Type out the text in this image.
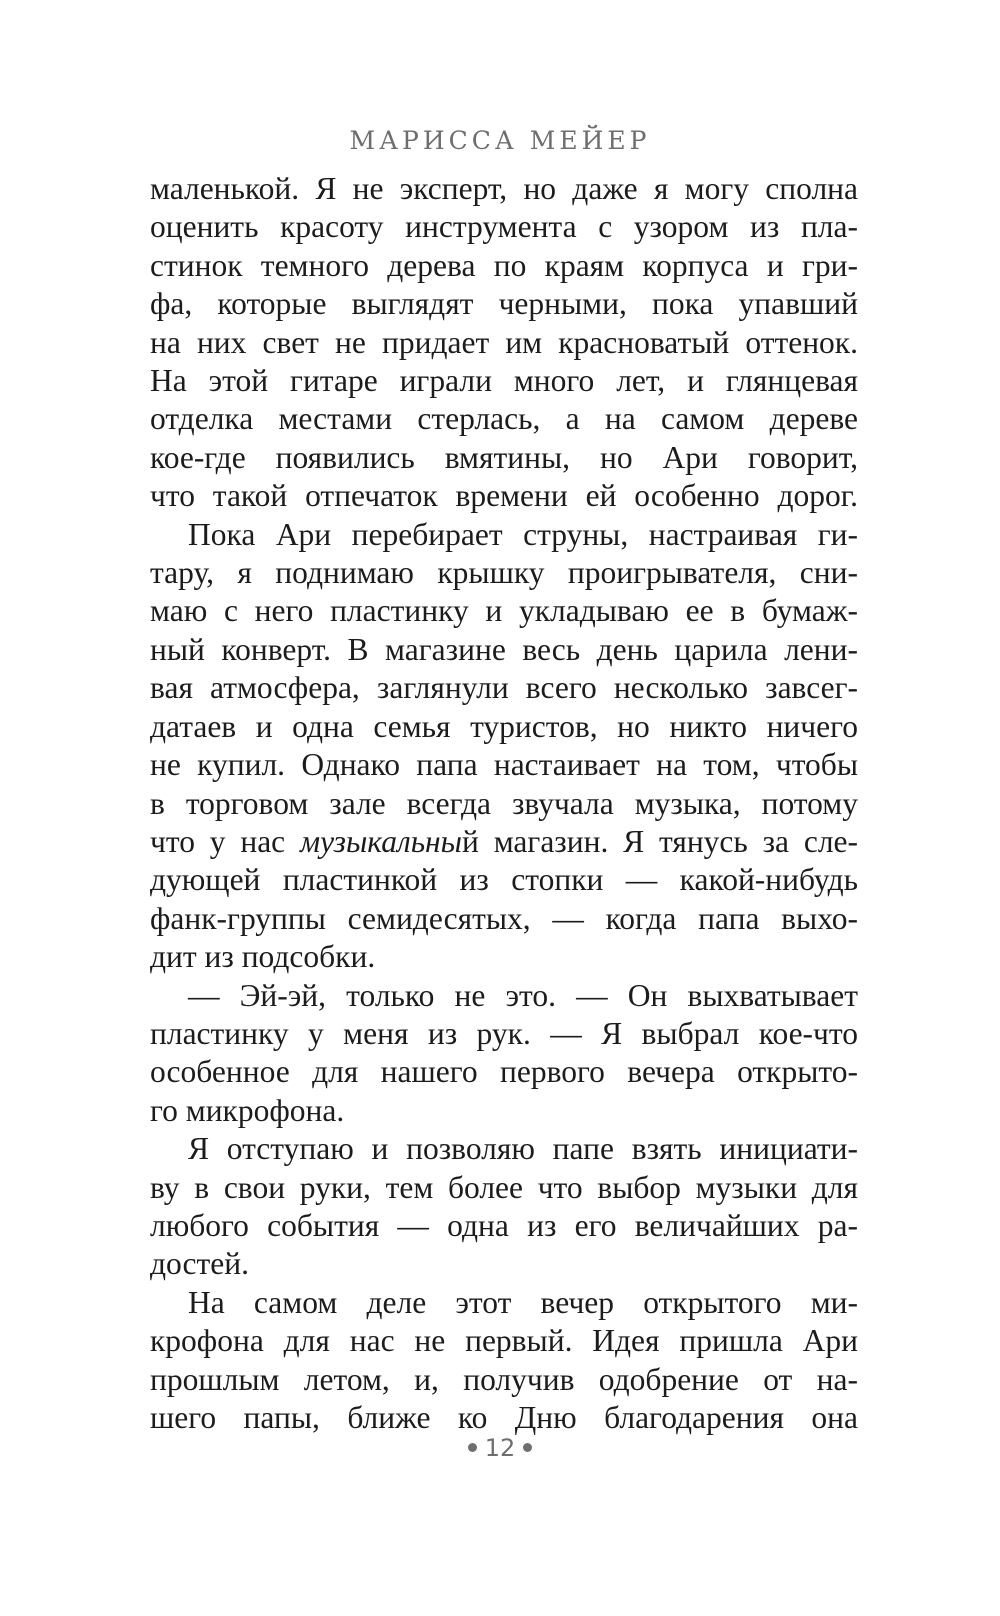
МАРИССА МЕЙЕР

маленькой. Я не эксперт, но даже я могу сполна

оценить красоту инструмента с узором из пла-

стинок темного дерева по краям корпуса и гри-

фа, которые выглядят черными, пока упавший

на них свет не придает им красноватый оттенок.

На этой гитаре играли много лет, и глянцевая

отделка местами стерлась, а на самом дереве

кое-где появились вмятины, но Ари говорит,

что такой отпечаток времени ей особенно дорог.

Пока Ари перебирает струны, настраивая ги-

тару, я поднимаю крышку проигрывателя, сни-

маю с него пластинку и укладываю ее в бумаж-

ный конверт. В магазине весь день царила лени-

вая атмосфера, заглянули всего несколько завсег-

датаев и одна семья туристов, но никто ничего

не купил. Однако папа настаивает на том, чтобы

в торговом зале всегда звучала музыка, потому

что у нас музыкальный магазин. Я тянусь за сле-

дующей пластинкой из стопки — какой-нибудь

фанк-группы семидесятых, — когда папа выхо-

дит из подсобки.

— Эй-эй, только не это. — Он выхватывает

пластинку у меня из рук. — Я выбрал кое-что

особенное для нашего первого вечера открыто-

го микрофона.

Я отступаю и позволяю папе взять инициати-

ву в свои руки, тем более что выбор музыки для

любого события — одна из его величайших ра-

достей.

На самом деле этот вечер открытого ми-

крофона для нас не первый. Идея пришла Ари

прошлым летом, и, получив одобрение от на-

шего папы, ближе ко Дню благодарения она

12
